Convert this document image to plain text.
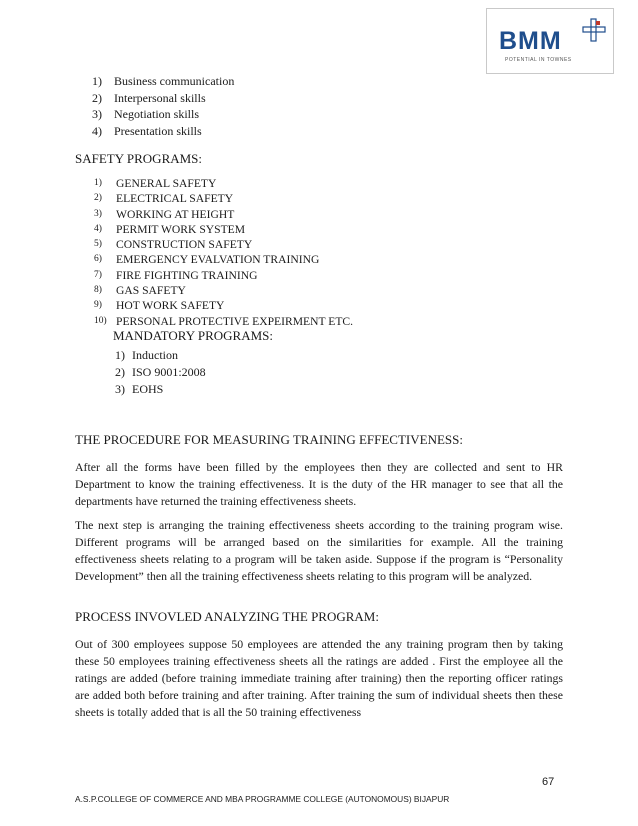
BMM
POTENTIAL IN TOWNES
1) Business communication
2) Interpersonal skills
3) Negotiation skills
4) Presentation skills
SAFETY PROGRAMS:
1) GENERAL SAFETY
2) ELECTRICAL SAFETY
3) WORKING AT HEIGHT
4) PERMIT WORK SYSTEM
5) CONSTRUCTION SAFETY
6) EMERGENCY EVALVATION TRAINING
7) FIRE FIGHTING TRAINING
8) GAS SAFETY
9) HOT WORK SAFETY
10) PERSONAL PROTECTIVE EXPEIRMENT ETC.
MANDATORY PROGRAMS:
1) Induction
2) ISO 9001:2008
3) EOHS
THE PROCEDURE FOR MEASURING TRAINING EFFECTIVENESS:

After all the forms have been filled by the employees then they are collected and sent to HR Department to know the training effectiveness. It is the duty of the HR manager to see that all the departments have returned the training effectiveness sheets.

The next step is arranging the training effectiveness sheets according to the training program wise. Different programs will be arranged based on the similarities for example. All the training effectiveness sheets relating to a program will be taken aside. Suppose if the program is “Personality Development” then all the training effectiveness sheets relating to this program will be analyzed.

PROCESS INVOVLED ANALYZING THE PROGRAM:

Out of 300 employees suppose 50 employees are attended the any training program then by taking these 50 employees training effectiveness sheets all the ratings are added . First the employee all the ratings are added (before training immediate training after training) then the reporting officer ratings are added both before training and after training. After training the sum of individual sheets then these sheets is totally added that is all the 50 training effectiveness

67
A.S.P.COLLEGE OF COMMERCE AND MBA PROGRAMME COLLEGE (AUTONOMOUS) BIJAPUR
